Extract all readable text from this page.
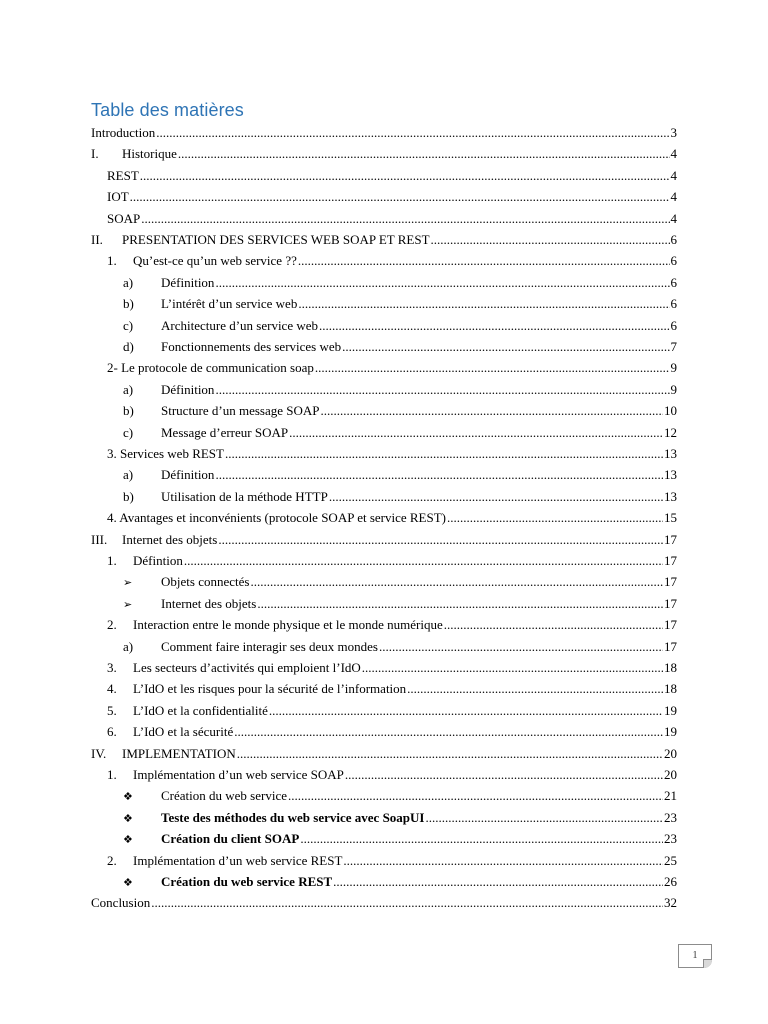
Table des matières
Introduction .....	3
I.	Historique .....	4
REST .....	4
IOT .....	4
SOAP .....	4
II.	PRESENTATION DES SERVICES WEB SOAP ET REST .....	6
1.	Qu’est-ce qu’un web service ?? .....	6
a)	Définition .....	6
b)	L’intérêt d’un service web .....	6
c)	Architecture d’un service web .....	6
d)	Fonctionnements des services web .....	7
2- Le protocole de communication soap .....	9
a)	Définition .....	9
b)	Structure d’un message SOAP .....	10
c)	Message d’erreur SOAP .....	12
3. Services web REST .....	13
a)	Définition .....	13
b)	Utilisation de la méthode HTTP .....	13
4. Avantages et inconvénients (protocole SOAP et service REST) .....	15
III.	Internet des objets .....	17
1.	Défintion .....	17
➢	Objets connectés .....	17
➢	Internet des objets .....	17
2.	Interaction entre le monde physique et le monde numérique .....	17
a)	Comment faire interagir ses deux mondes .....	17
3.	Les secteurs d’activités qui emploient l’IdO .....	18
4.	L’IdO et les risques pour la sécurité de l’information .....	18
5.	L’IdO et la confidentialité .....	19
6.	L’IdO et la sécurité .....	19
IV.	IMPLEMENTATION .....	20
1.	Implémentation d’un web service SOAP .....	20
❖	Création du web service .....	21
❖	Teste des méthodes du web service avec SoapUI .....	23
❖	Création du client SOAP .....	23
2.	Implémentation d’un web service REST .....	25
❖	Création du web service REST .....	26
Conclusion .....	32
1
